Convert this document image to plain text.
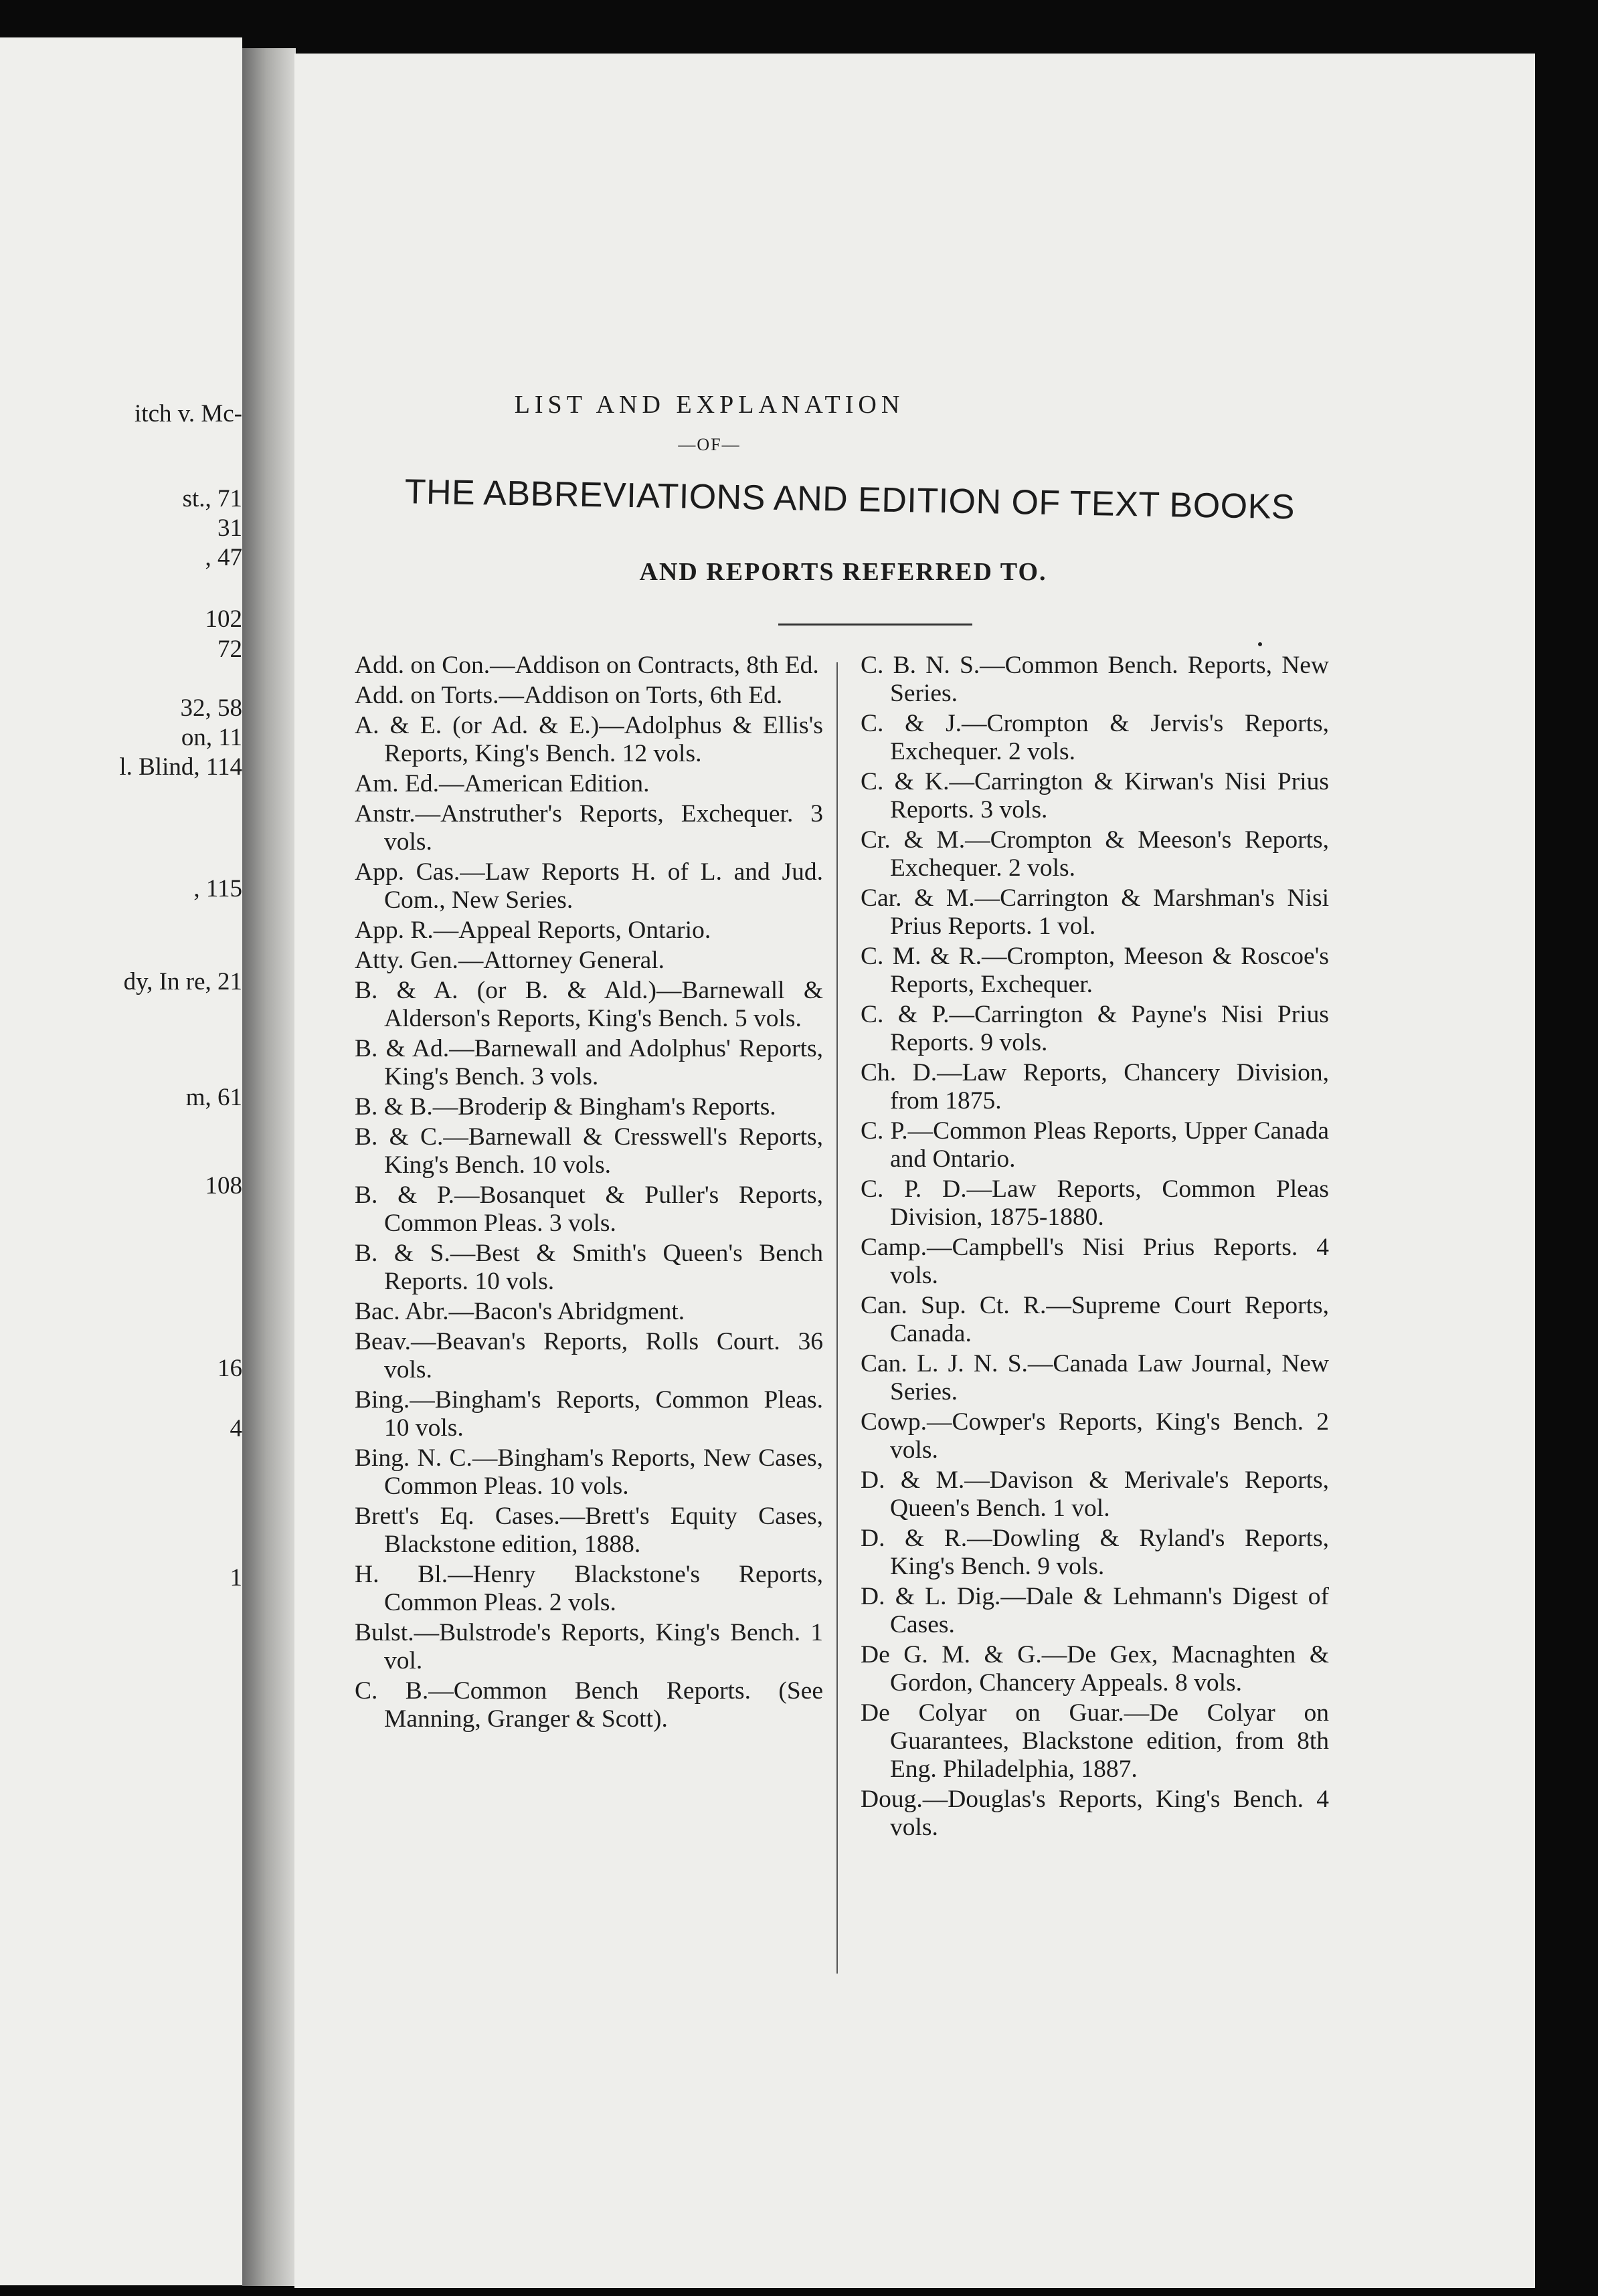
itch v. Mc-
st., 71
31
, 47
102
72
32, 58
on, 11
l. Blind, 114
, 115
dy, In re, 21
m, 61
108
16
4
1
LIST AND EXPLANATION
—OF—
THE ABBREVIATIONS AND EDITION OF TEXT BOOKS
AND REPORTS REFERRED TO.
Add. on Con.—Addison on Contracts, 8th Ed.
Add. on Torts.—Addison on Torts, 6th Ed.
A. & E. (or Ad. & E.)—Adolphus & Ellis's Reports, King's Bench. 12 vols.
Am. Ed.—American Edition.
Anstr.—Anstruther's Reports, Exchequer. 3 vols.
App. Cas.—Law Reports H. of L. and Jud. Com., New Series.
App. R.—Appeal Reports, Ontario.
Atty. Gen.—Attorney General.
B. & A. (or B. & Ald.)—Barnewall & Alderson's Reports, King's Bench. 5 vols.
B. & Ad.—Barnewall and Adolphus' Reports, King's Bench. 3 vols.
B. & B.—Broderip & Bingham's Reports.
B. & C.—Barnewall & Cresswell's Reports, King's Bench. 10 vols.
B. & P.—Bosanquet & Puller's Reports, Common Pleas. 3 vols.
B. & S.—Best & Smith's Queen's Bench Reports. 10 vols.
Bac. Abr.—Bacon's Abridgment.
Beav.—Beavan's Reports, Rolls Court. 36 vols.
Bing.—Bingham's Reports, Common Pleas. 10 vols.
Bing. N. C.—Bingham's Reports, New Cases, Common Pleas. 10 vols.
Brett's Eq. Cases.—Brett's Equity Cases, Blackstone edition, 1888.
H. Bl.—Henry Blackstone's Reports, Common Pleas. 2 vols.
Bulst.—Bulstrode's Reports, King's Bench. 1 vol.
C. B.—Common Bench Reports. (See Manning, Granger & Scott).
C. B. N. S.—Common Bench. Reports, New Series.
C. & J.—Crompton & Jervis's Reports, Exchequer. 2 vols.
C. & K.—Carrington & Kirwan's Nisi Prius Reports. 3 vols.
Cr. & M.—Crompton & Meeson's Reports, Exchequer. 2 vols.
Car. & M.—Carrington & Marshman's Nisi Prius Reports. 1 vol.
C. M. & R.—Crompton, Meeson & Roscoe's Reports, Exchequer.
C. & P.—Carrington & Payne's Nisi Prius Reports. 9 vols.
Ch. D.—Law Reports, Chancery Division, from 1875.
C. P.—Common Pleas Reports, Upper Canada and Ontario.
C. P. D.—Law Reports, Common Pleas Division, 1875-1880.
Camp.—Campbell's Nisi Prius Reports. 4 vols.
Can. Sup. Ct. R.—Supreme Court Reports, Canada.
Can. L. J. N. S.—Canada Law Journal, New Series.
Cowp.—Cowper's Reports, King's Bench. 2 vols.
D. & M.—Davison & Merivale's Reports, Queen's Bench. 1 vol.
D. & R.—Dowling & Ryland's Reports, King's Bench. 9 vols.
D. & L. Dig.—Dale & Lehmann's Digest of Cases.
De G. M. & G.—De Gex, Macnaghten & Gordon, Chancery Appeals. 8 vols.
De Colyar on Guar.—De Colyar on Guarantees, Blackstone edition, from 8th Eng. Philadelphia, 1887.
Doug.—Douglas's Reports, King's Bench. 4 vols.
